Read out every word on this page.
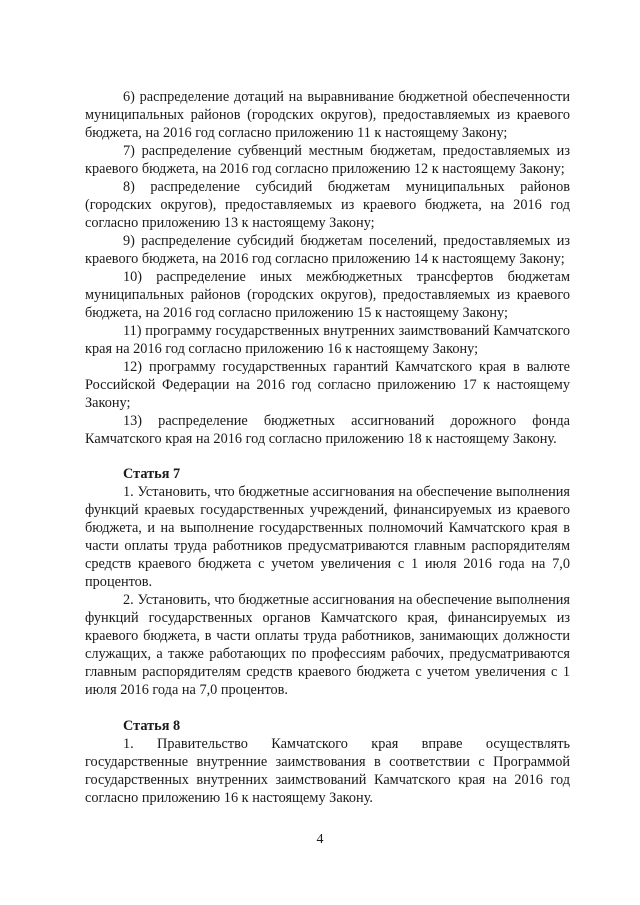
6) распределение дотаций на выравнивание бюджетной обеспеченности муниципальных районов (городских округов), предоставляемых из краевого бюджета, на 2016 год согласно приложению 11 к настоящему Закону;

7) распределение субвенций местным бюджетам, предоставляемых из краевого бюджета, на 2016 год согласно приложению 12 к настоящему Закону;

8) распределение субсидий бюджетам муниципальных районов (городских округов), предоставляемых из краевого бюджета, на 2016 год согласно приложению 13 к настоящему Закону;

9) распределение субсидий бюджетам поселений, предоставляемых из краевого бюджета, на 2016 год согласно приложению 14 к настоящему Закону;

10) распределение иных межбюджетных трансфертов бюджетам муниципальных районов (городских округов), предоставляемых из краевого бюджета, на 2016 год согласно приложению 15 к настоящему Закону;

11) программу государственных внутренних заимствований Камчатского края на 2016 год согласно приложению 16 к настоящему Закону;

12) программу государственных гарантий Камчатского края в валюте Российской Федерации на 2016 год согласно приложению 17 к настоящему Закону;

13) распределение бюджетных ассигнований дорожного фонда Камчатского края на 2016 год согласно приложению 18 к настоящему Закону.

Статья 7

1. Установить, что бюджетные ассигнования на обеспечение выполнения функций краевых государственных учреждений, финансируемых из краевого бюджета, и на выполнение государственных полномочий Камчатского края в части оплаты труда работников предусматриваются главным распорядителям средств краевого бюджета с учетом увеличения с 1 июля 2016 года на 7,0 процентов.

2. Установить, что бюджетные ассигнования на обеспечение выполнения функций государственных органов Камчатского края, финансируемых из краевого бюджета, в части оплаты труда работников, занимающих должности служащих, а также работающих по профессиям рабочих, предусматриваются главным распорядителям средств краевого бюджета с учетом увеличения с 1 июля 2016 года на 7,0 процентов.

Статья 8

1. Правительство Камчатского края вправе осуществлять государственные внутренние заимствования в соответствии с Программой государственных внутренних заимствований Камчатского края на 2016 год согласно приложению 16 к настоящему Закону.

4
